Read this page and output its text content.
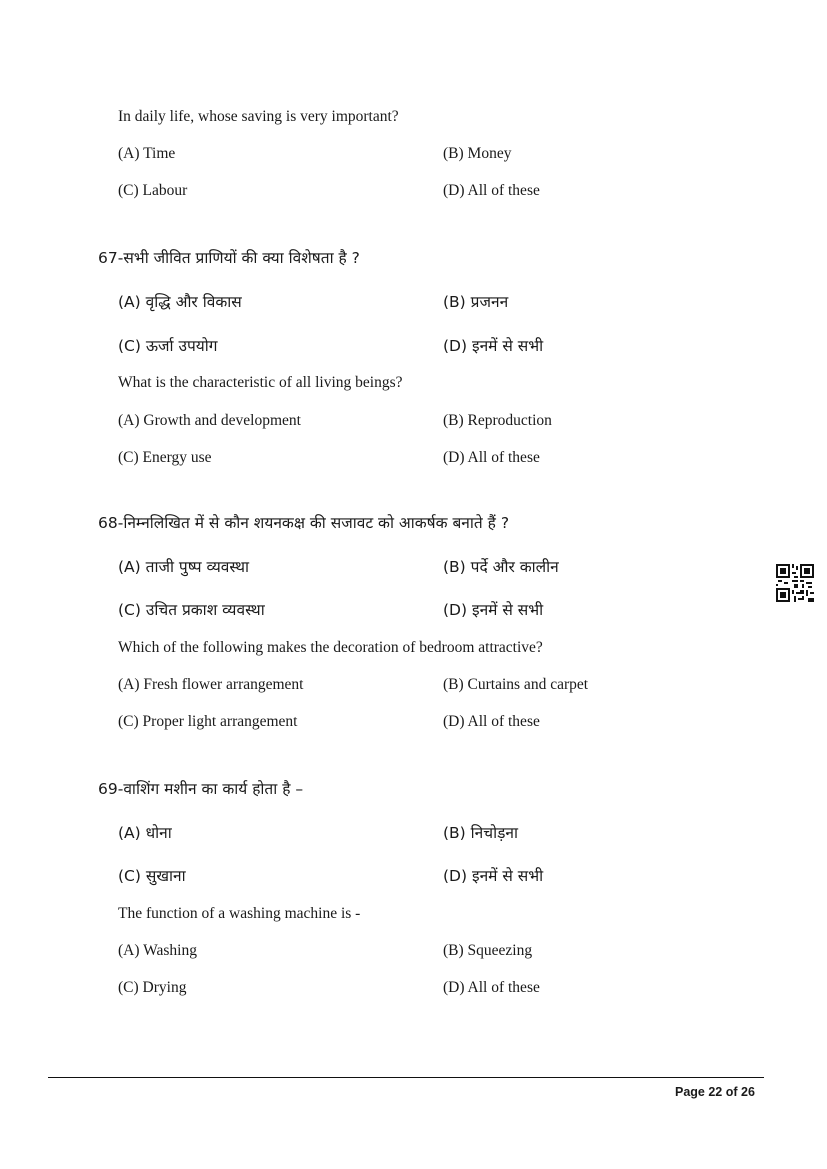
In daily life, whose saving is very important?
(A) Time	(B) Money
(C) Labour	(D) All of these
67-सभी जीवित प्राणियों की क्या विशेषता है ?
(A) वृद्धि और विकास	(B) प्रजनन
(C) ऊर्जा उपयोग	(D) इनमें से सभी
What is the characteristic of all living beings?
(A) Growth and development	(B) Reproduction
(C) Energy use	(D) All of these
68-निम्नलिखित में से कौन शयनकक्ष की सजावट को आकर्षक बनाते हैं ?
(A) ताजी पुष्प व्यवस्था	(B) पर्दे और कालीन
(C) उचित प्रकाश व्यवस्था	(D) इनमें से सभी
Which of the following makes the decoration of bedroom attractive?
(A) Fresh flower arrangement	(B) Curtains and carpet
(C) Proper light arrangement	(D) All of these
69-वाशिंग मशीन का कार्य होता है –
(A) धोना	(B) निचोड़ना
(C) सुखाना	(D) इनमें से सभी
The function of a washing machine is -
(A) Washing	(B) Squeezing
(C) Drying	(D) All of these
Page 22 of 26
